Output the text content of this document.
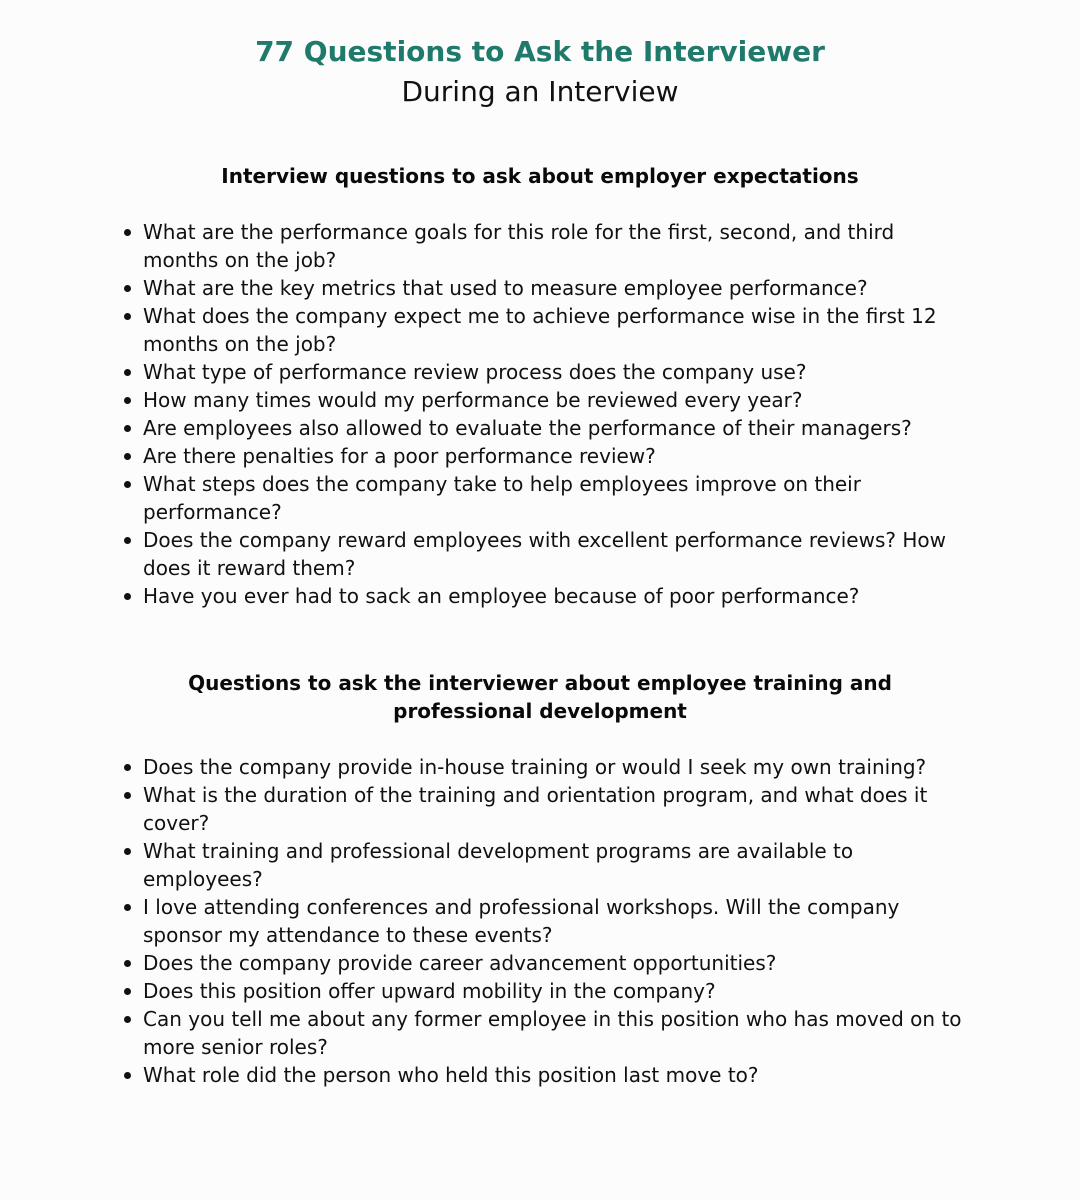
77 Questions to Ask the Interviewer
During an Interview
Interview questions to ask about employer expectations
What are the performance goals for this role for the first, second, and third months on the job?
What are the key metrics that used to measure employee performance?
What does the company expect me to achieve performance wise in the first 12 months on the job?
What type of performance review process does the company use?
How many times would my performance be reviewed every year?
Are employees also allowed to evaluate the performance of their managers?
Are there penalties for a poor performance review?
What steps does the company take to help employees improve on their performance?
Does the company reward employees with excellent performance reviews? How does it reward them?
Have you ever had to sack an employee because of poor performance?
Questions to ask the interviewer about employee training and professional development
Does the company provide in-house training or would I seek my own training?
What is the duration of the training and orientation program, and what does it cover?
What training and professional development programs are available to employees?
I love attending conferences and professional workshops. Will the company sponsor my attendance to these events?
Does the company provide career advancement opportunities?
Does this position offer upward mobility in the company?
Can you tell me about any former employee in this position who has moved on to more senior roles?
What role did the person who held this position last move to?
